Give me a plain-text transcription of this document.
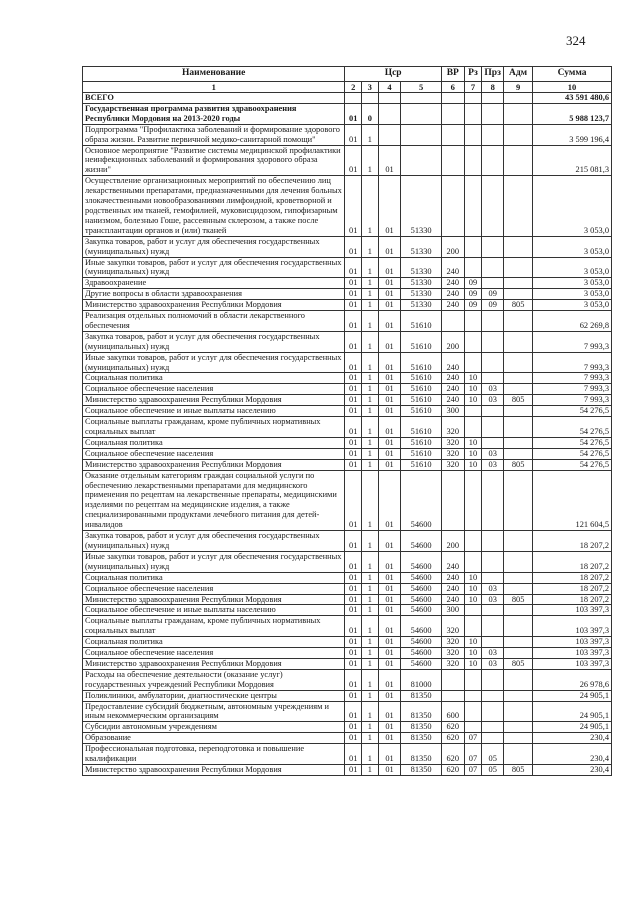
324
Наименование	Цср				ВР	Рз	Прз	Адм	Сумма
1	2	3	4	5	6	7	8	9	10
ВСЕГО									43 591 480,6
Государственная программа развития здравоохранения Республики Мордовия на 2013-2020 годы	01	0							5 988 123,7
Подпрограмма "Профилактика заболеваний и формирование здорового образа жизни. Развитие первичной медико-санитарной помощи"	01	1							3 599 196,4
Основное мероприятие "Развитие системы медицинской профилактики неинфекционных заболеваний и формирования здорового образа жизни"	01	1	01						215 081,3
Осуществление организационных мероприятий по обеспечению лиц лекарственными препаратами, предназначенными для лечения больных злокачественными новообразованиями лимфоидной, кроветворной и родственных им тканей, гемофилией, муковисцидозом, гипофизарным нанизмом, болезнью Гоше, рассеянным склерозом, а также после трансплантации органов и (или) тканей	01	1	01	51330					3 053,0
Закупка товаров, работ и услуг для обеспечения государственных (муниципальных) нужд	01	1	01	51330	200				3 053,0
Иные закупки товаров, работ и услуг для обеспечения государственных (муниципальных) нужд	01	1	01	51330	240				3 053,0
Здравоохранение	01	1	01	51330	240	09			3 053,0
Другие вопросы в области здравоохранения	01	1	01	51330	240	09	09		3 053,0
Министерство здравоохранения Республики Мордовия	01	1	01	51330	240	09	09	805	3 053,0
Реализация отдельных полномочий в области лекарственного обеспечения	01	1	01	51610					62 269,8
Закупка товаров, работ и услуг для обеспечения государственных (муниципальных) нужд	01	1	01	51610	200				7 993,3
Иные закупки товаров, работ и услуг для обеспечения государственных (муниципальных) нужд	01	1	01	51610	240				7 993,3
Социальная политика	01	1	01	51610	240	10			7 993,3
Социальное обеспечение населения	01	1	01	51610	240	10	03		7 993,3
Министерство здравоохранения Республики Мордовия	01	1	01	51610	240	10	03	805	7 993,3
Социальное обеспечение и иные выплаты населению	01	1	01	51610	300				54 276,5
Социальные выплаты гражданам, кроме публичных нормативных социальных выплат	01	1	01	51610	320				54 276,5
Социальная политика	01	1	01	51610	320	10			54 276,5
Социальное обеспечение населения	01	1	01	51610	320	10	03		54 276,5
Министерство здравоохранения Республики Мордовия	01	1	01	51610	320	10	03	805	54 276,5
Оказание отдельным категориям граждан социальной услуги по обеспечению лекарственными препаратами для медицинского применения по рецептам на лекарственные препараты, медицинскими изделиями по рецептам на медицинские изделия, а также специализированными продуктами лечебного питания для детей-инвалидов	01	1	01	54600					121 604,5
Закупка товаров, работ и услуг для обеспечения государственных (муниципальных) нужд	01	1	01	54600	200				18 207,2
Иные закупки товаров, работ и услуг для обеспечения государственных (муниципальных) нужд	01	1	01	54600	240				18 207,2
Социальная политика	01	1	01	54600	240	10			18 207,2
Социальное обеспечение населения	01	1	01	54600	240	10	03		18 207,2
Министерство здравоохранения Республики Мордовия	01	1	01	54600	240	10	03	805	18 207,2
Социальное обеспечение и иные выплаты населению	01	1	01	54600	300				103 397,3
Социальные выплаты гражданам, кроме публичных нормативных социальных выплат	01	1	01	54600	320				103 397,3
Социальная политика	01	1	01	54600	320	10			103 397,3
Социальное обеспечение населения	01	1	01	54600	320	10	03		103 397,3
Министерство здравоохранения Республики Мордовия	01	1	01	54600	320	10	03	805	103 397,3
Расходы на обеспечение деятельности (оказание услуг) государственных учреждений Республики Мордовия	01	1	01	81000					26 978,6
Поликлиники, амбулатории, диагностические центры	01	1	01	81350					24 905,1
Предоставление субсидий бюджетным, автономным учреждениям и иным некоммерческим организациям	01	1	01	81350	600				24 905,1
Субсидии автономным учреждениям	01	1	01	81350	620				24 905,1
Образование	01	1	01	81350	620	07			230,4
Профессиональная подготовка, переподготовка и повышение квалификации	01	1	01	81350	620	07	05		230,4
Министерство здравоохранения Республики Мордовия	01	1	01	81350	620	07	05	805	230,4
